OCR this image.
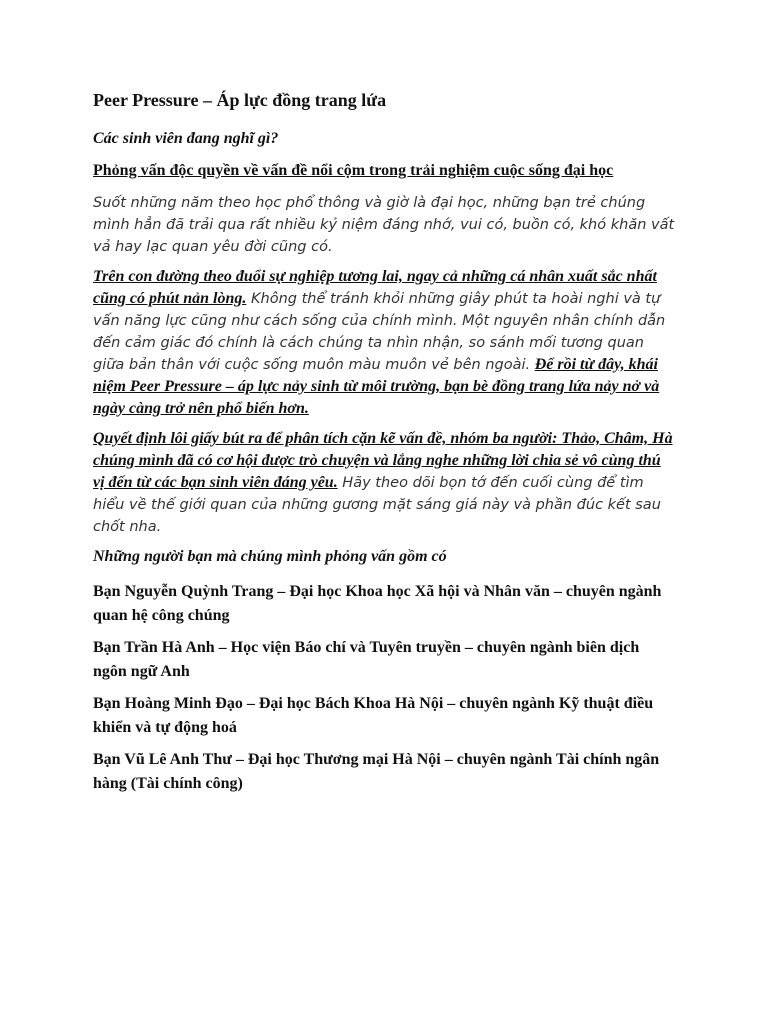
Peer Pressure – Áp lực đồng trang lứa
Các sinh viên đang nghĩ gì?
Phỏng vấn độc quyền về vấn đề nổi cộm trong trải nghiệm cuộc sống đại học

Suốt những năm theo học phổ thông và giờ là đại học, những bạn trẻ chúng mình hẳn đã trải qua rất nhiều kỷ niệm đáng nhớ, vui có, buồn có, khó khăn vất vả hay lạc quan yêu đời cũng có.

Trên con đường theo đuổi sự nghiệp tương lai, ngay cả những cá nhân xuất sắc nhất cũng có phút nản lòng. Không thể tránh khỏi những giây phút ta hoài nghi và tự vấn năng lực cũng như cách sống của chính mình. Một nguyên nhân chính dẫn đến cảm giác đó chính là cách chúng ta nhìn nhận, so sánh mối tương quan giữa bản thân với cuộc sống muôn màu muôn vẻ bên ngoài. Để rồi từ đây, khái niệm Peer Pressure – áp lực nảy sinh từ môi trường, bạn bè đồng trang lứa nảy nở và ngày càng trở nên phổ biến hơn.

Quyết định lôi giấy bút ra để phân tích cặn kẽ vấn đề, nhóm ba người: Thảo, Châm, Hà chúng mình đã có cơ hội được trò chuyện và lắng nghe những lời chia sẻ vô cùng thú vị đến từ các bạn sinh viên đáng yêu. Hãy theo dõi bọn tớ đến cuối cùng để tìm hiểu về thế giới quan của những gương mặt sáng giá này và phần đúc kết sau chốt nha.

Những người bạn mà chúng mình phỏng vấn gồm có
Bạn Nguyễn Quỳnh Trang – Đại học Khoa học Xã hội và Nhân văn – chuyên ngành quan hệ công chúng
Bạn Trần Hà Anh – Học viện Báo chí và Tuyên truyền – chuyên ngành biên dịch ngôn ngữ Anh
Bạn Hoàng Minh Đạo – Đại học Bách Khoa Hà Nội – chuyên ngành Kỹ thuật điều khiển và tự động hoá
Bạn Vũ Lê Anh Thư – Đại học Thương mại Hà Nội – chuyên ngành Tài chính ngân hàng (Tài chính công)
